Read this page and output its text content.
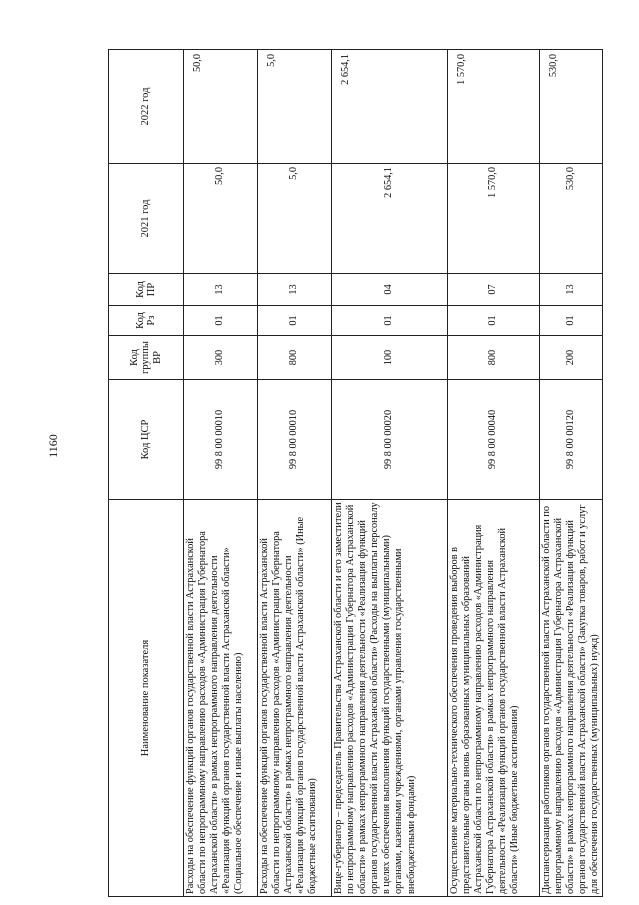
1160
Наименование показателя	Код ЦСР	Код группы ВР	Код Рз	Код ПР	2021 год	2022 год
Расходы на обеспечение функций органов государственной власти Астраханской области по непрограммному направлению расходов «Администрация Губернатора Астраханской области» в рамках непрограммного направления деятельности «Реализация функций органов государственной власти Астраханской области» (Социальное обеспечение и иные выплаты населению)	99 8 00 00010	300	01	13	50,0	50,0
Расходы на обеспечение функций органов государственной власти Астраханской области по непрограммному направлению расходов «Администрация Губернатора Астраханской области» в рамках непрограммного направления деятельности «Реализация функций органов государственной власти Астраханской области» (Иные бюджетные ассигнования)	99 8 00 00010	800	01	13	5,0	5,0
Вице-губернатор – председатель Правительства Астраханской области и его заместители по непрограммному направлению расходов «Администрация Губернатора Астраханской области» в рамках непрограммного направления деятельности «Реализация функций органов государственной власти Астраханской области» (Расходы на выплаты персоналу в целях обеспечения выполнения функций государственными (муниципальными) органами, казенными учреждениями, органами управления государственными внебюджетными фондами)	99 8 00 00020	100	01	04	2 654,1	2 654,1
Осуществление материально-технического обеспечения проведения выборов в представительные органы вновь образованных муниципальных образований Астраханской области по непрограммному направлению расходов «Администрация Губернатора Астраханской области» в рамках непрограммного направления деятельности «Реализация функций органов государственной власти Астраханской области» (Иные бюджетные ассигнования)	99 8 00 00040	800	01	07	1 570,0	1 570,0
Диспансеризация работников органов государственной власти Астраханской области по непрограммному направлению расходов «Администрация Губернатора Астраханской области» в рамках непрограммного направления деятельности «Реализация функций органов государственной власти Астраханской области» (Закупка товаров, работ и услуг для обеспечения государственных (муниципальных) нужд)	99 8 00 00120	200	01	13	530,0	530,0
